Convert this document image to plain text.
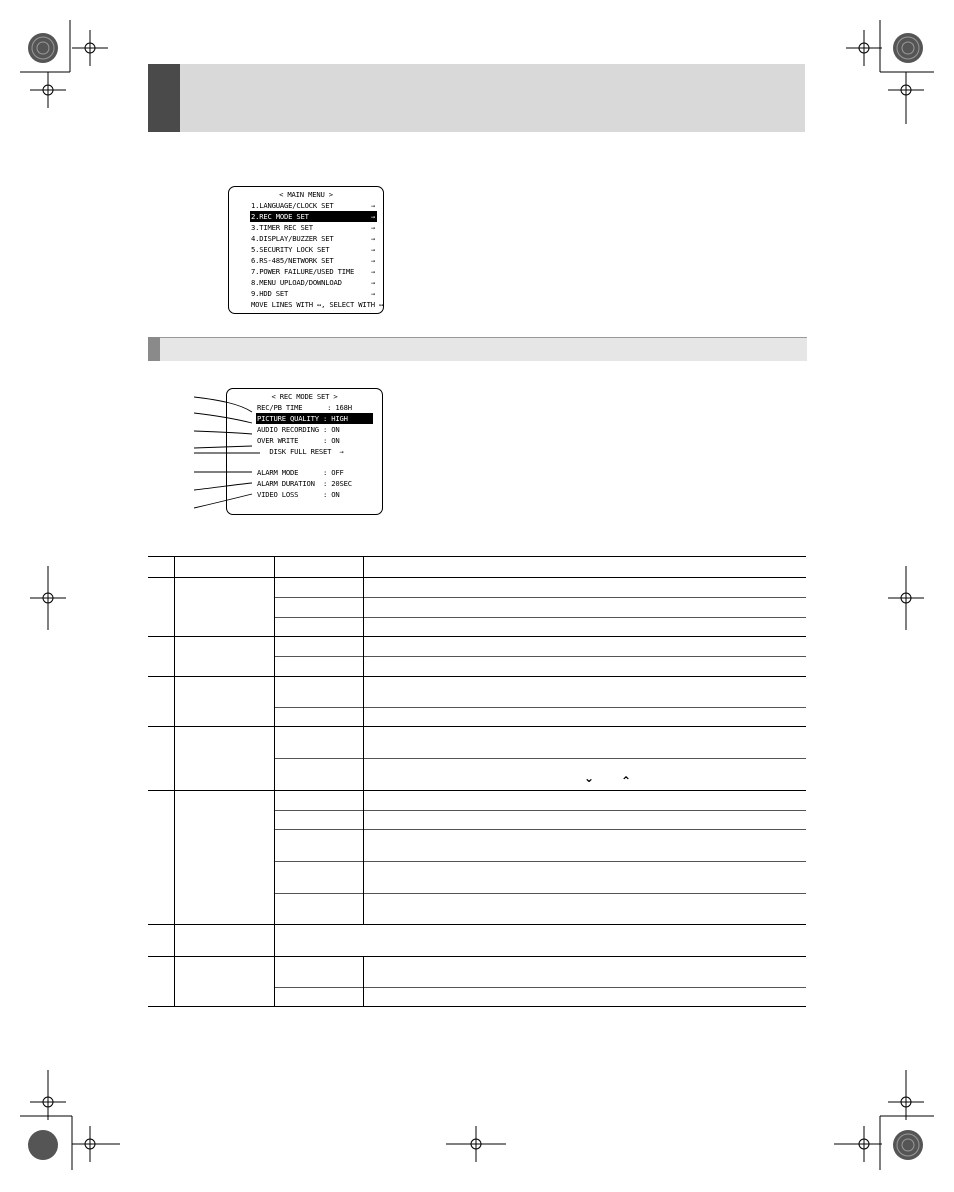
< MAIN MENU >
1.LANGUAGE/CLOCK SET	→
2.REC MODE SET	→
3.TIMER REC SET	→
4.DISPLAY/BUZZER SET	→
5.SECURITY LOCK SET	→
6.RS-485/NETWORK SET	→
7.POWER FAILURE/USED TIME →
8.MENU UPLOAD/DOWNLOAD	→
9.HDD SET	→
MOVE LINES WITH ↔, SELECT WITH ↔
< REC MODE SET >
REC/PB TIME      : 168H
PICTURE QUALITY : HIGH
AUDIO RECORDING : ON
OVER WRITE      : ON
DISK FULL RESET  →
ALARM MODE      : OFF
ALARM DURATION  : 20SEC
VIDEO LOSS      : ON
⌄ ⌃
